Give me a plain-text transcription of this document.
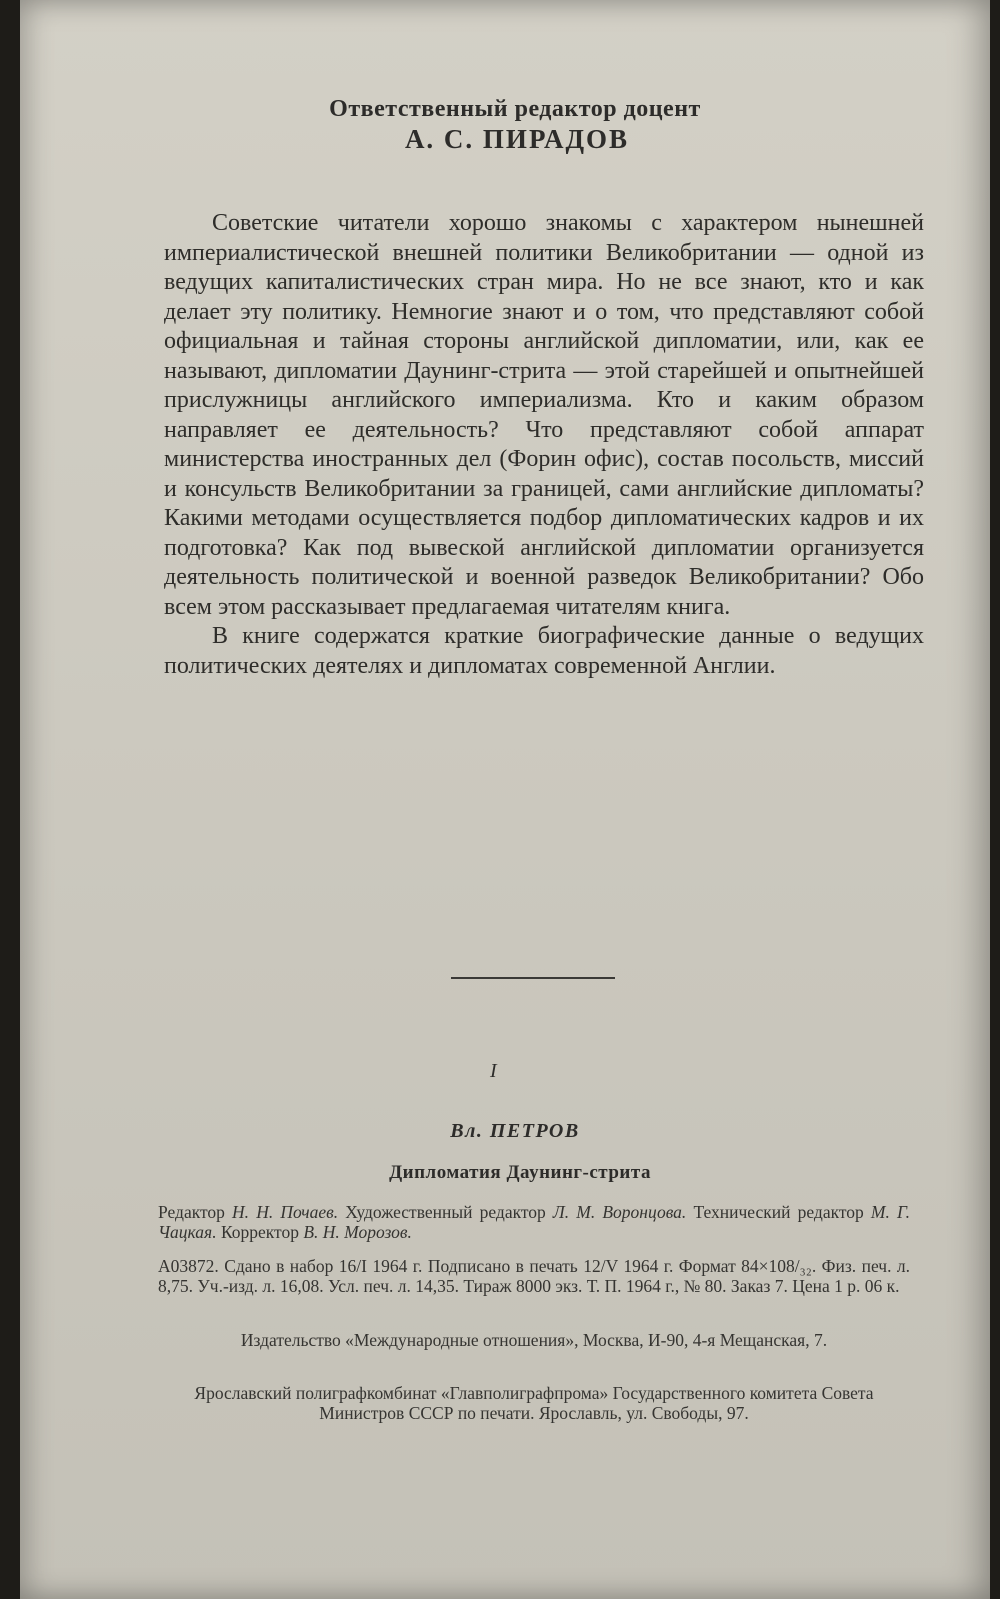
Ответственный редактор доцент
А. С. ПИРАДОВ

Советские читатели хорошо знакомы с характером нынешней империалистической внешней политики Великобритании — одной из ведущих капиталистических стран мира. Но не все знают, кто и как делает эту политику. Немногие знают и о том, что представляют собой официальная и тайная стороны английской дипломатии, или, как ее называют, дипломатии Даунинг-стрита — этой старейшей и опытнейшей прислужницы английского империализма. Кто и каким образом направляет ее деятельность? Что представляют собой аппарат министерства иностранных дел (Форин офис), состав посольств, миссий и консульств Великобритании за границей, сами английские дипломаты? Какими методами осуществляется подбор дипломатических кадров и их подготовка? Как под вывеской английской дипломатии организуется деятельность политической и военной разведок Великобритании? Обо всем этом рассказывает предлагаемая читателям книга.

В книге содержатся краткие биографические данные о ведущих политических деятелях и дипломатах современной Англии.

I
Вл. ПЕТРОВ
Дипломатия Даунинг-стрита
Редактор Н. Н. Почаев. Художественный редактор Л. М. Воронцова. Технический редактор М. Г. Чацкая. Корректор В. Н. Морозов.
А03872. Сдано в набор 16/I 1964 г. Подписано в печать 12/V 1964 г. Формат 84×108/₃₂. Физ. печ. л. 8,75. Уч.-изд. л. 16,08. Усл. печ. л. 14,35. Тираж 8000 экз. Т. П. 1964 г., № 80. Заказ 7. Цена 1 р. 06 к.
Издательство «Международные отношения», Москва, И-90, 4-я Мещанская, 7.
Ярославский полиграфкомбинат «Главполиграфпрома» Государственного комитета Совета Министров СССР по печати. Ярославль, ул. Свободы, 97.
